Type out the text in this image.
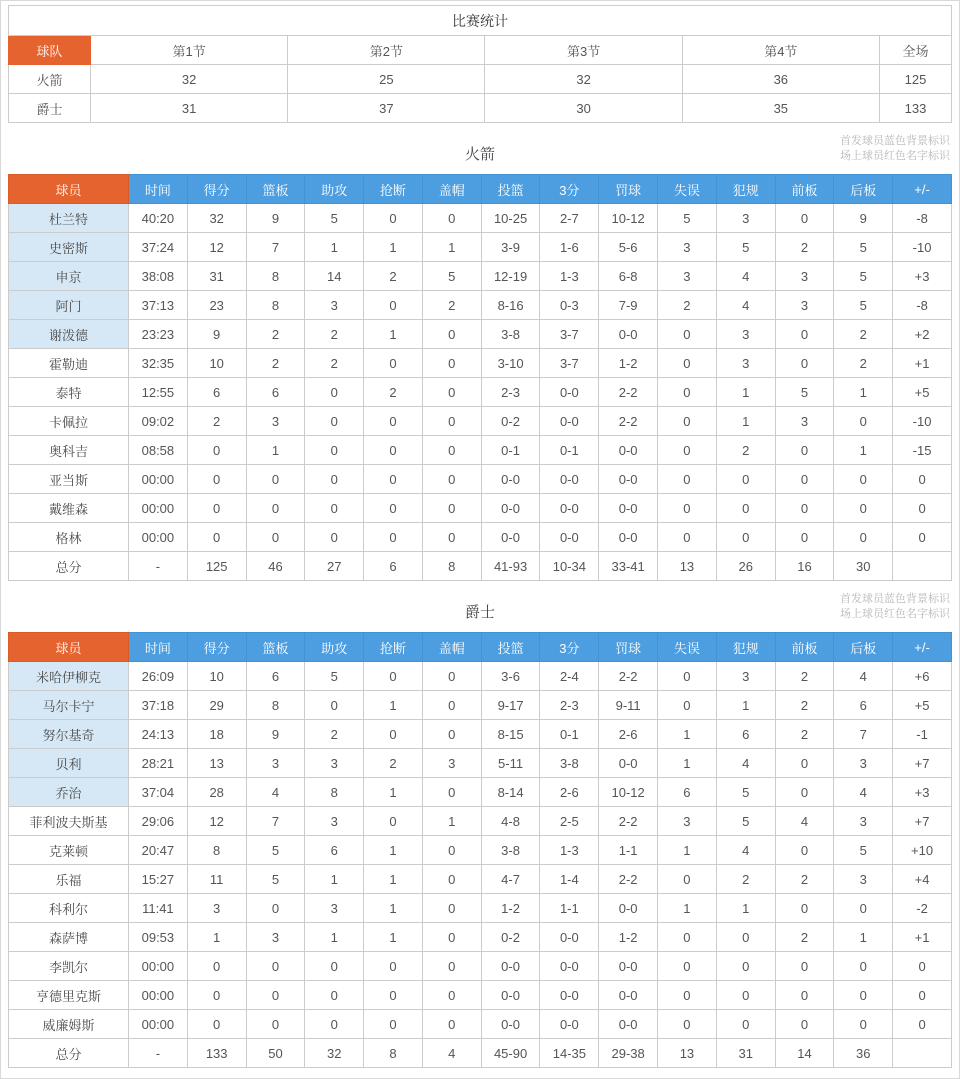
比赛统计					
球队	第1节	第2节	第3节	第4节	全场
火箭	32	25	32	36	125
爵士	31	37	30	35	133
火箭
首发球员蓝色背景标识
场上球员红色名字标识
球员	时间	得分	篮板	助攻	抢断	盖帽	投篮	3分	罚球	失误	犯规	前板	后板	+/-
杜兰特	40:20	32	9	5	0	0	10-25	2-7	10-12	5	3	0	9	-8
史密斯	37:24	12	7	1	1	1	3-9	1-6	5-6	3	5	2	5	-10
申京	38:08	31	8	14	2	5	12-19	1-3	6-8	3	4	3	5	+3
阿门	37:13	23	8	3	0	2	8-16	0-3	7-9	2	4	3	5	-8
谢泼德	23:23	9	2	2	1	0	3-8	3-7	0-0	0	3	0	2	+2
霍勒迪	32:35	10	2	2	0	0	3-10	3-7	1-2	0	3	0	2	+1
泰特	12:55	6	6	0	2	0	2-3	0-0	2-2	0	1	5	1	+5
卡佩拉	09:02	2	3	0	0	0	0-2	0-0	2-2	0	1	3	0	-10
奥科吉	08:58	0	1	0	0	0	0-1	0-1	0-0	0	2	0	1	-15
亚当斯	00:00	0	0	0	0	0	0-0	0-0	0-0	0	0	0	0	0
戴维森	00:00	0	0	0	0	0	0-0	0-0	0-0	0	0	0	0	0
格林	00:00	0	0	0	0	0	0-0	0-0	0-0	0	0	0	0	0
总分	-	125	46	27	6	8	41-93	10-34	33-41	13	26	16	30	
爵士
首发球员蓝色背景标识
场上球员红色名字标识
球员	时间	得分	篮板	助攻	抢断	盖帽	投篮	3分	罚球	失误	犯规	前板	后板	+/-
米哈伊柳克	26:09	10	6	5	0	0	3-6	2-4	2-2	0	3	2	4	+6
马尔卡宁	37:18	29	8	0	1	0	9-17	2-3	9-11	0	1	2	6	+5
努尔基奇	24:13	18	9	2	0	0	8-15	0-1	2-6	1	6	2	7	-1
贝利	28:21	13	3	3	2	3	5-11	3-8	0-0	1	4	0	3	+7
乔治	37:04	28	4	8	1	0	8-14	2-6	10-12	6	5	0	4	+3
菲利波夫斯基	29:06	12	7	3	0	1	4-8	2-5	2-2	3	5	4	3	+7
克莱顿	20:47	8	5	6	1	0	3-8	1-3	1-1	1	4	0	5	+10
乐福	15:27	11	5	1	1	0	4-7	1-4	2-2	0	2	2	3	+4
科利尔	11:41	3	0	3	1	0	1-2	1-1	0-0	1	1	0	0	-2
森萨博	09:53	1	3	1	1	0	0-2	0-0	1-2	0	0	2	1	+1
李凯尔	00:00	0	0	0	0	0	0-0	0-0	0-0	0	0	0	0	0
亨德里克斯	00:00	0	0	0	0	0	0-0	0-0	0-0	0	0	0	0	0
威廉姆斯	00:00	0	0	0	0	0	0-0	0-0	0-0	0	0	0	0	0
总分	-	133	50	32	8	4	45-90	14-35	29-38	13	31	14	36	
